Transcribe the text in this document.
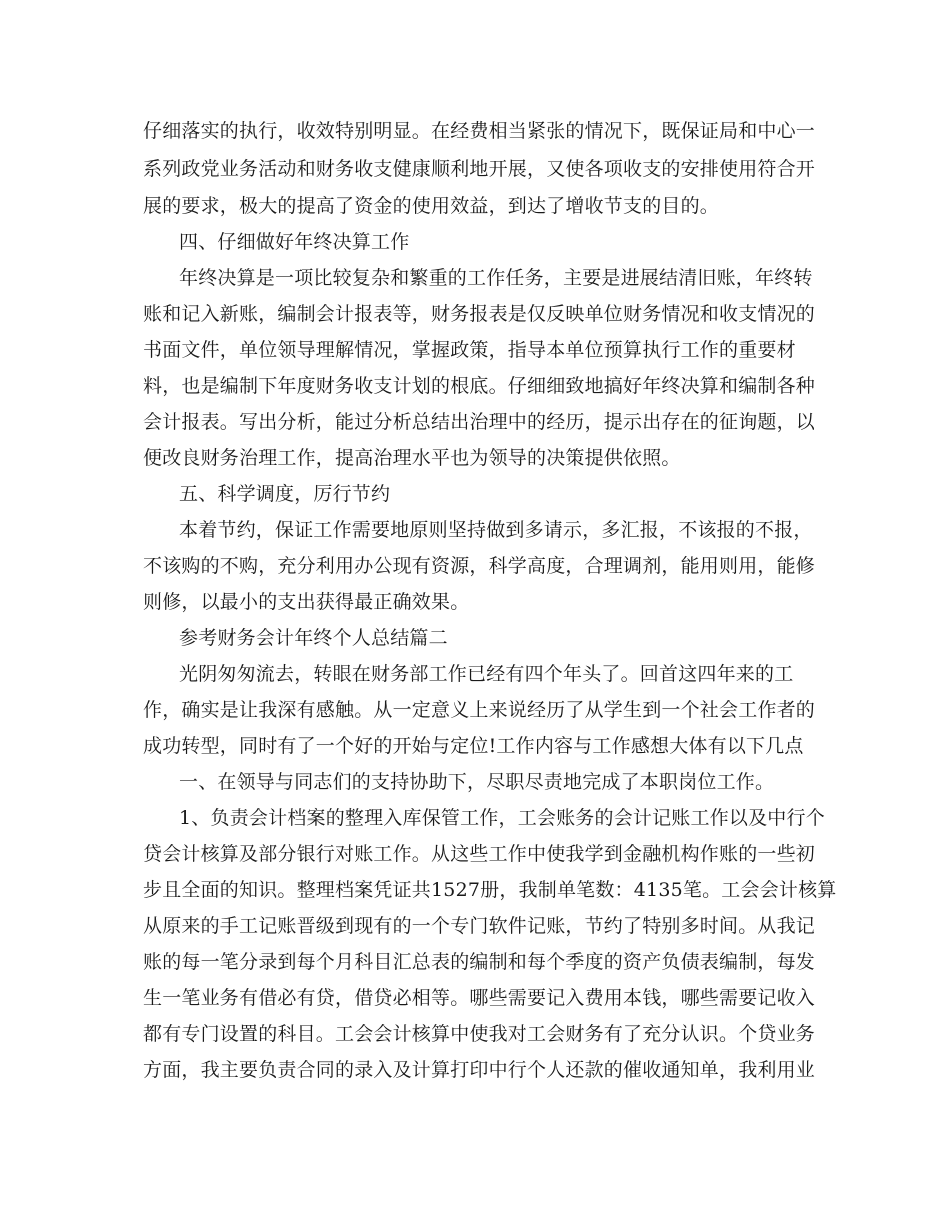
仔细落实的执行，收效特别明显。在经费相当紧张的情况下，既保证局和中心一
系列政党业务活动和财务收支健康顺利地开展，又使各项收支的安排使用符合开
展的要求，极大的提高了资金的使用效益，到达了增收节支的目的。
四、仔细做好年终决算工作
年终决算是一项比较复杂和繁重的工作任务，主要是进展结清旧账，年终转
账和记入新账，编制会计报表等，财务报表是仅反映单位财务情况和收支情况的
书面文件，单位领导理解情况，掌握政策，指导本单位预算执行工作的重要材
料，也是编制下年度财务收支计划的根底。仔细细致地搞好年终决算和编制各种
会计报表。写出分析，能过分析总结出治理中的经历，提示出存在的征询题，以
便改良财务治理工作，提高治理水平也为领导的决策提供依照。
五、科学调度，厉行节约
本着节约，保证工作需要地原则坚持做到多请示，多汇报，不该报的不报，
不该购的不购，充分利用办公现有资源，科学高度，合理调剂，能用则用，能修
则修，以最小的支出获得最正确效果。
参考财务会计年终个人总结篇二
光阴匆匆流去，转眼在财务部工作已经有四个年头了。回首这四年来的工
作，确实是让我深有感触。从一定意义上来说经历了从学生到一个社会工作者的
成功转型，同时有了一个好的开始与定位!工作内容与工作感想大体有以下几点
一、在领导与同志们的支持协助下，尽职尽责地完成了本职岗位工作。
1、负责会计档案的整理入库保管工作，工会账务的会计记账工作以及中行个
贷会计核算及部分银行对账工作。从这些工作中使我学到金融机构作账的一些初
步且全面的知识。整理档案凭证共1527册，我制单笔数：4135笔。工会会计核算
从原来的手工记账晋级到现有的一个专门软件记账，节约了特别多时间。从我记
账的每一笔分录到每个月科目汇总表的编制和每个季度的资产负债表编制，每发
生一笔业务有借必有贷，借贷必相等。哪些需要记入费用本钱，哪些需要记收入
都有专门设置的科目。工会会计核算中使我对工会财务有了充分认识。个贷业务
方面，我主要负责合同的录入及计算打印中行个人还款的催收通知单，我利用业
